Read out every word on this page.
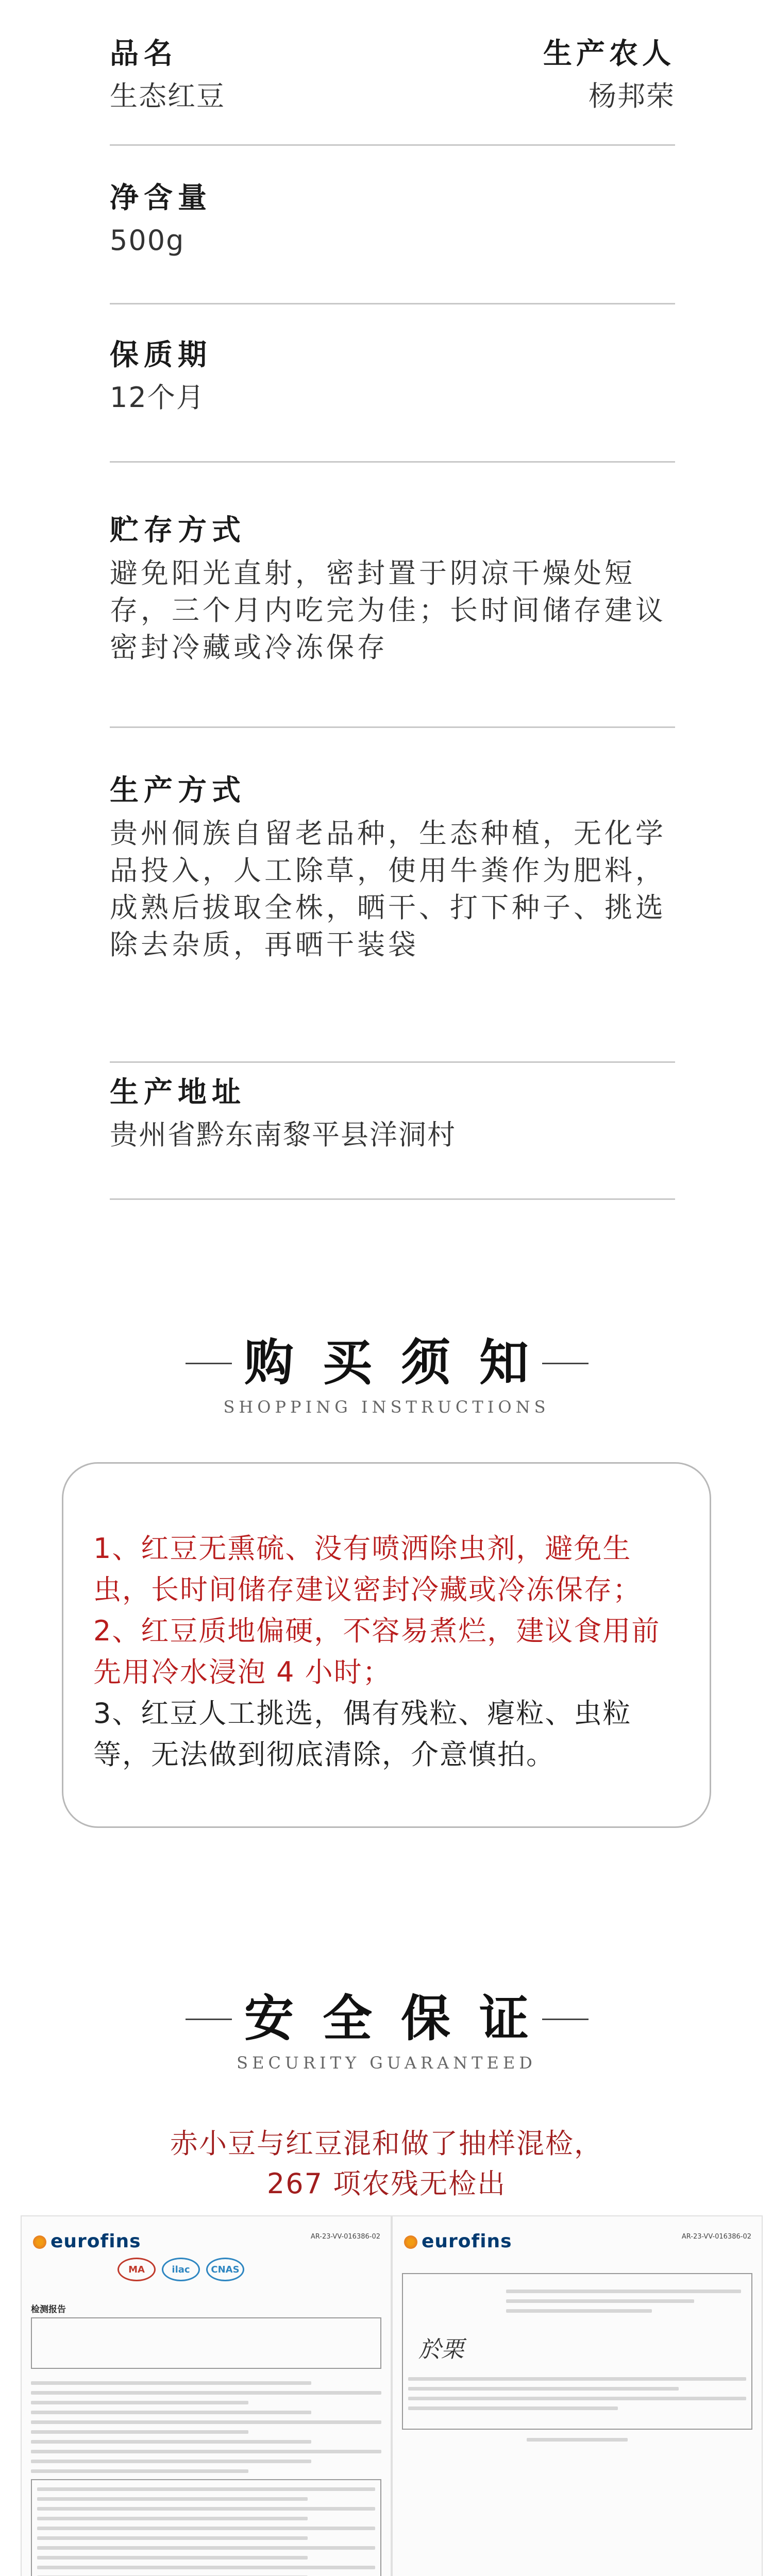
品名
生态红豆
生产农人
杨邦荣
净含量
500g
保质期
12个月
贮存方式
避免阳光直射，密封置于阴凉干燥处短存，三个月内吃完为佳；长时间储存建议密封冷藏或冷冻保存
生产方式
贵州侗族自留老品种，生态种植，无化学品投入，人工除草，使用牛粪作为肥料，成熟后拔取全株，晒干、打下种子、挑选除去杂质，再晒干装袋
生产地址
贵州省黔东南黎平县洋洞村
购买须知
SHOPPING INSTRUCTIONS

1、红豆无熏硫、没有喷洒除虫剂，避免生虫，长时间储存建议密封冷藏或冷冻保存；

2、红豆质地偏硬，不容易煮烂，建议食用前先用冷水浸泡 4 小时；

3、红豆人工挑选，偶有残粒、瘪粒、虫粒等，无法做到彻底清除，介意慎拍。

安全保证
SECURITY GUARANTEED
赤小豆与红豆混和做了抽样混检，
267 项农残无检出
eurofins	AR-23-VV-016386-02
MA	ilac	CNAS
检测报告
eurofins	AR-23-VV-016386-02
於栗
